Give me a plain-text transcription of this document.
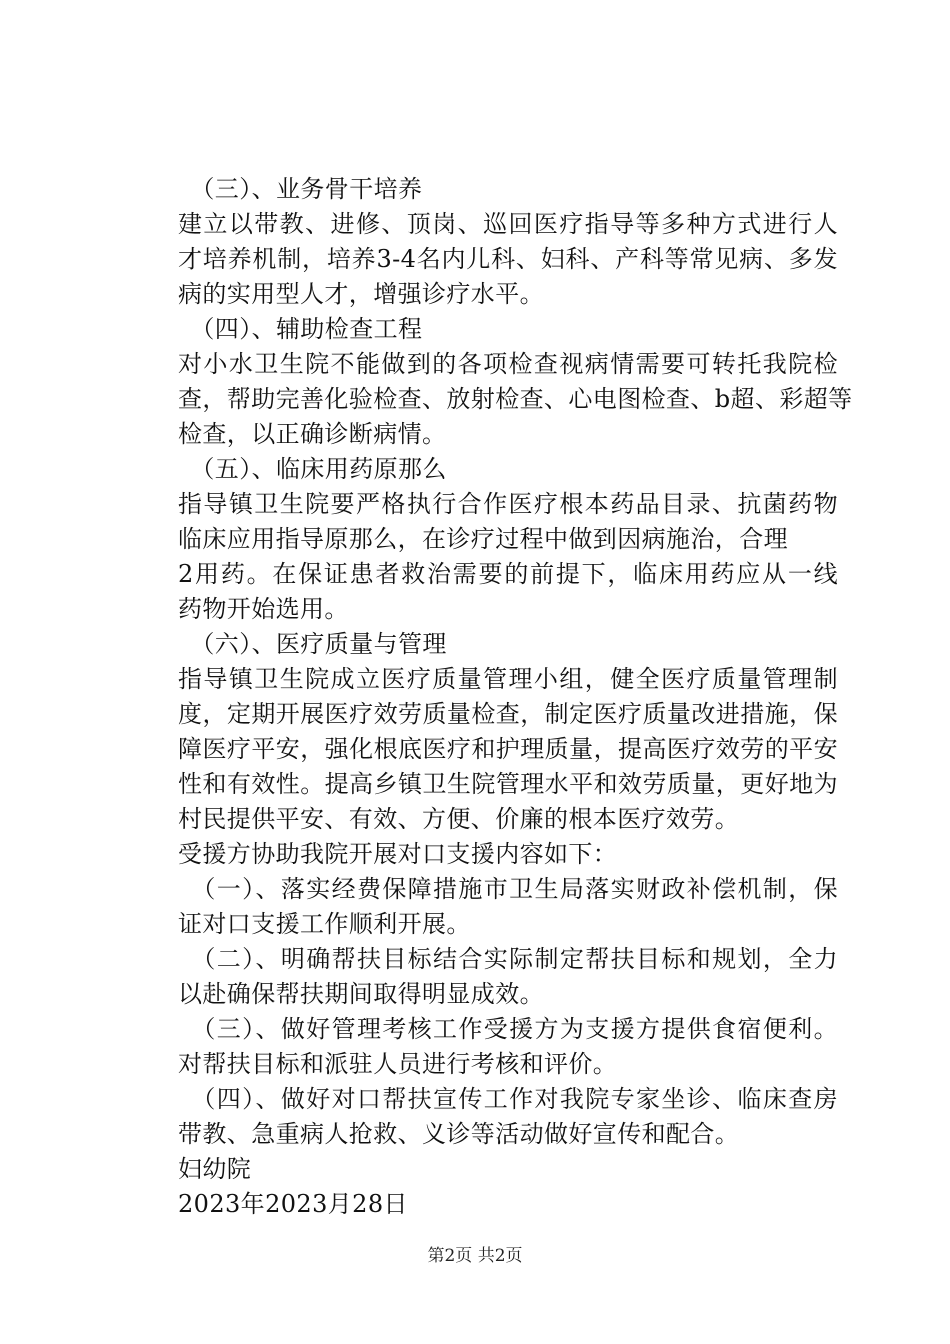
　（三）、业务骨干培养
建立以带教、进修、顶岗、巡回医疗指导等多种方式进行人
才培养机制，培养3-4名内儿科、妇科、产科等常见病、多发
病的实用型人才，增强诊疗水平。
　（四）、辅助检查工程
对小水卫生院不能做到的各项检查视病情需要可转托我院检
查，帮助完善化验检查、放射检查、心电图检查、b超、彩超等
检查，以正确诊断病情。
　（五）、临床用药原那么
指导镇卫生院要严格执行合作医疗根本药品目录、抗菌药物
临床应用指导原那么，在诊疗过程中做到因病施治，合理
2用药。在保证患者救治需要的前提下，临床用药应从一线
药物开始选用。
　（六）、医疗质量与管理
指导镇卫生院成立医疗质量管理小组，健全医疗质量管理制
度，定期开展医疗效劳质量检查，制定医疗质量改进措施，保
障医疗平安，强化根底医疗和护理质量，提高医疗效劳的平安
性和有效性。提高乡镇卫生院管理水平和效劳质量，更好地为
村民提供平安、有效、方便、价廉的根本医疗效劳。
受援方协助我院开展对口支援内容如下：
　（一）、落实经费保障措施市卫生局落实财政补偿机制，保
证对口支援工作顺利开展。
　（二）、明确帮扶目标结合实际制定帮扶目标和规划，全力
以赴确保帮扶期间取得明显成效。
　（三）、做好管理考核工作受援方为支援方提供食宿便利。
对帮扶目标和派驻人员进行考核和评价。
　（四）、做好对口帮扶宣传工作对我院专家坐诊、临床查房
带教、急重病人抢救、义诊等活动做好宣传和配合。
妇幼院
2023年2023月28日
第2页 共2页
